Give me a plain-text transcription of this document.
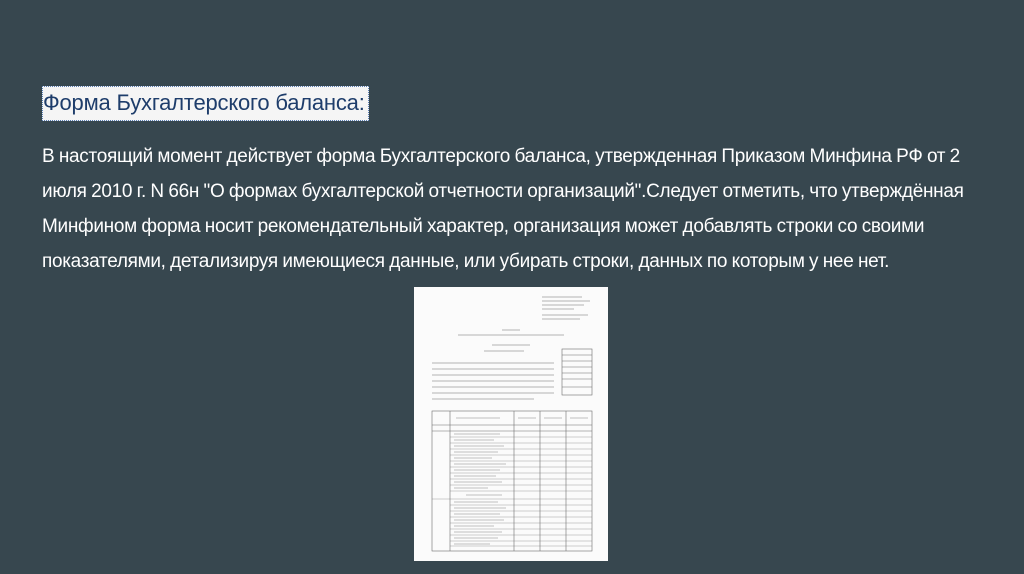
Форма Бухгалтерского баланса:

В настоящий момент действует форма Бухгалтерского баланса, утвержденная Приказом Минфина РФ от 2 июля 2010 г. N 66н "О формах бухгалтерской отчетности организаций".Следует отметить, что утверждённая Минфином форма носит рекомендательный характер, организация может добавлять строки со своими показателями, детализируя имеющиеся данные, или убирать строки, данных по которым у нее нет.
